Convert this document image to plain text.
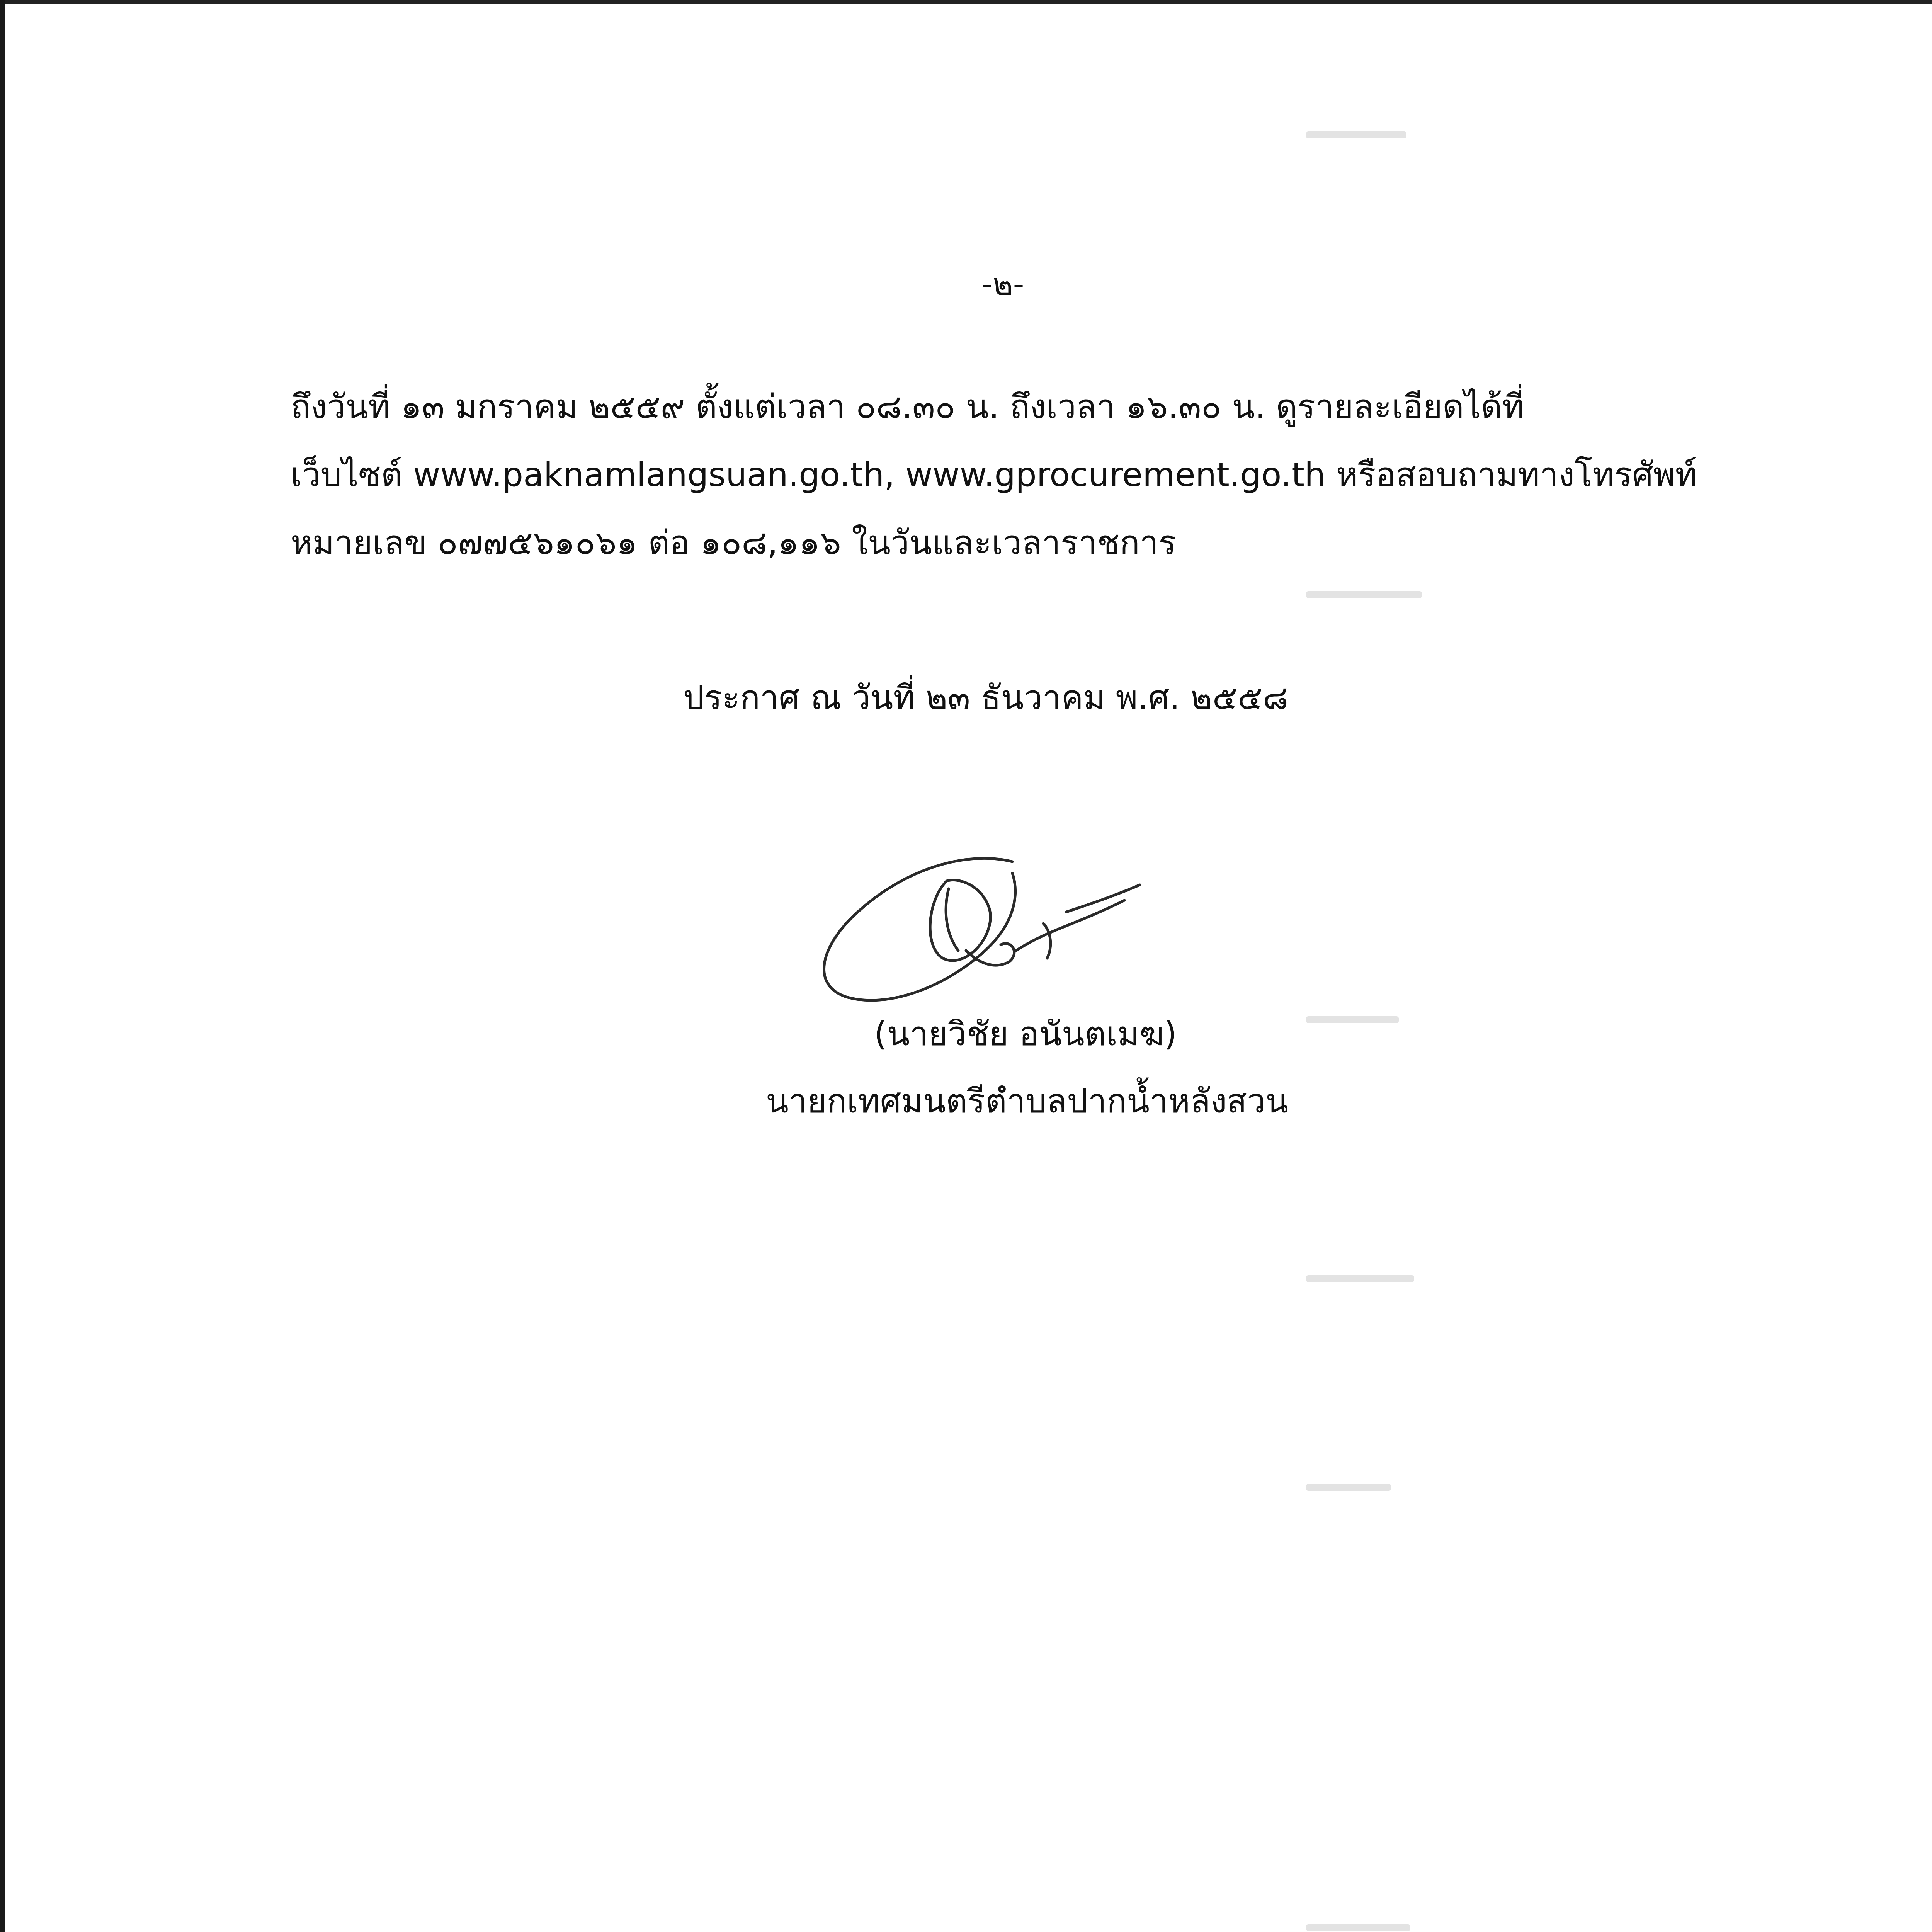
-๒-
ถึงวันที่ ๑๓ มกราคม ๒๕๕๙ ตั้งแต่เวลา ๐๘.๓๐ น. ถึงเวลา ๑๖.๓๐ น. ดูรายละเอียดได้ที่
เว็บไซต์ www.paknamlangsuan.go.th, www.gprocurement.go.th หรือสอบถามทางโทรศัพท์
หมายเลข ๐๗๗๕๖๑๐๖๑ ต่อ ๑๐๘,๑๑๖ ในวันและเวลาราชการ
ประกาศ ณ วันที่ ๒๓ ธันวาคม พ.ศ. ๒๕๕๘
(นายวิชัย อนันตเมฆ)
นายกเทศมนตรีตำบลปากน้ำหลังสวน
